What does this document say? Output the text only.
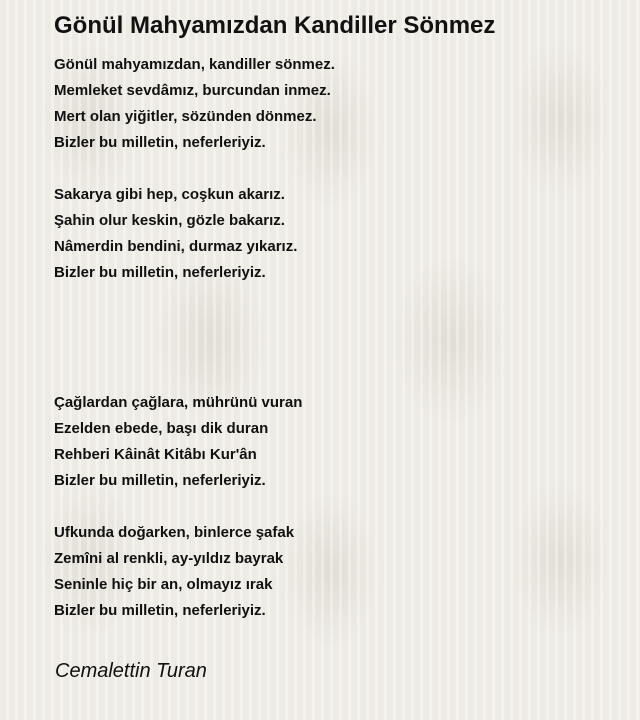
Gönül Mahyamızdan Kandiller Sönmez
Gönül mahyamızdan, kandiller sönmez.
Memleket sevdâmız, burcundan inmez.
Mert olan yiğitler, sözünden dönmez.
Bizler bu milletin, neferleriyiz.
Sakarya gibi hep, coşkun akarız.
Şahin olur keskin, gözle bakarız.
Nâmerdin bendini, durmaz yıkarız.
Bizler bu milletin, neferleriyiz.
Çağlardan çağlara, mührünü vuran
Ezelden ebede, başı dik duran
Rehberi Kâinât Kitâbı Kur'ân
Bizler bu milletin, neferleriyiz.
Ufkunda doğarken, binlerce şafak
Zemîni al renkli, ay-yıldız bayrak
Seninle hiç bir an, olmayız ırak
Bizler bu milletin, neferleriyiz.
Cemalettin Turan
